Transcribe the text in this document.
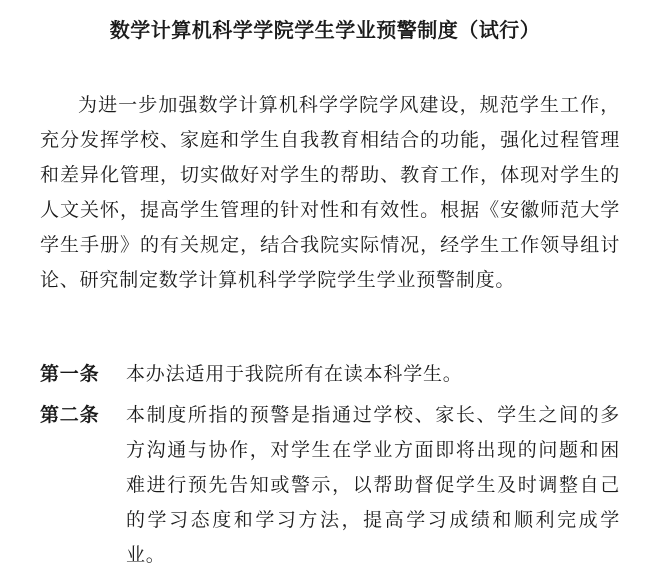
数学计算机科学学院学生学业预警制度（试行）

为进一步加强数学计算机科学学院学风建设，规范学生工作，充分发挥学校、家庭和学生自我教育相结合的功能，强化过程管理和差异化管理，切实做好对学生的帮助、教育工作，体现对学生的人文关怀，提高学生管理的针对性和有效性。根据《安徽师范大学学生手册》的有关规定，结合我院实际情况，经学生工作领导组讨论、研究制定数学计算机科学学院学生学业预警制度。

第一条 本办法适用于我院所有在读本科学生。
第二条 本制度所指的预警是指通过学校、家长、学生之间的多方沟通与协作，对学生在学业方面即将出现的问题和困难进行预先告知或警示，以帮助督促学生及时调整自己的学习态度和学习方法，提高学习成绩和顺利完成学业。
